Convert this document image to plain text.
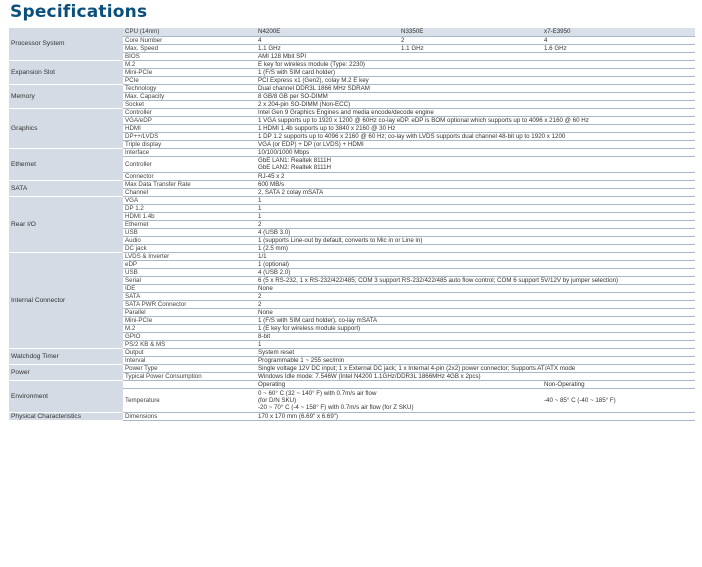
Specifications
Processor System	CPU (14nm)	N4200E	N3350E	x7-E3950
	Core Number	4	2	4
	Max. Speed	1.1 GHz	1.1 GHz	1.6 GHz
	BIOS	AMI 128 Mbit SPI		
Expansion Slot	M.2	E key for wireless module (Type: 2230)		
	Mini-PCIe	1 (F/S with SIM card holder)		
	PCIe	PCI Express x1 (Gen2), colay M.2 E key		
Memory	Technology	Dual channel DDR3L 1866 MHz SDRAM		
	Max. Capacity	8 GB/8 GB per SO-DIMM		
	Socket	2 x 204-pin SO-DIMM (Non-ECC)		
Graphics	Controller	Intel Gen 9 Graphics Engines and media encode/decode engine		
	VGA/eDP	1 VGA supports up to 1920 x 1200 @ 60Hz co-lay eDP. eDP is BOM optional which supports up to 4096 x 2160 @ 60 Hz		
	HDMI	1 HDMI 1.4b supports up to 3840 x 2160 @ 30 Hz		
	DP++/LVDS	1 DP 1.2 supports up to 4096 x 2160 @ 60 Hz; co-lay with LVDS supports dual channel 48-bit up to 1920 x 1200		
	Triple display	VGA (or EDP) + DP (or LVDS) + HDMI		
Ethernet	Interface	10/100/1000 Mbps		
	Controller	GbE LAN1: Realtek 8111H
GbE LAN2: Realtek 8111H		

	Connector	RJ-45 x 2		
SATA	Max Data Transfer Rate	600 MB/s		
	Channel	2, SATA 2 colay mSATA		
Rear I/O	VGA	1		
	DP 1.2	1		
	HDMI 1.4b	1		
	Ethernet	2		
	USB	4 (USB 3.0)		
	Audio	1 (supports Line-out by default, converts to Mic in or Line in)		
	DC jack	1 (2.5 mm)		
Internal Connector	LVDS & Inverter	1/1		
	eDP	1 (optional)		
	USB	4 (USB 2.0)		
	Serial	6 (5 x RS-232, 1 x RS-232/422/485; COM 3 support RS-232/422/485 auto flow control; COM 6 support 5V/12V by jumper selection)		
	IDE	None		
	SATA	2		
	SATA PWR Connector	2		
	Parallel	None		
	Mini-PCIe	1 (F/S with SIM card holder), co-lay mSATA		
	M.2	1 (E key for wireless module support)		
	GPIO	8-bit		
	PS/2 KB & MS	1		
Watchdog Timer	Output	System reset		
	Interval	Programmable 1 ~ 255 sec/min		
Power	Power Type	Single voltage 12V DC input; 1 x External DC jack; 1 x Internal 4-pin (2x2) power connector; Supports AT/ATX mode		
	Typical Power Consumption	Windows Idle mode: 7.546W (Intel N4200 1.1GHz/DDR3L 1866MHz 4GB x 2pcs)		
Environment		Operating		Non-Operating

	Temperature	0 ~ 60° C (32 ~ 140° F) with 0.7m/s air flow
(for D/N SKU)
-20 ~ 70° C (-4 ~ 158° F) with 0.7m/s air flow (for Z SKU)		-40 ~ 85° C (-40 ~ 185° F)

Physical Characteristics	Dimensions	170 x 170 mm (6.69" x 6.69")		
